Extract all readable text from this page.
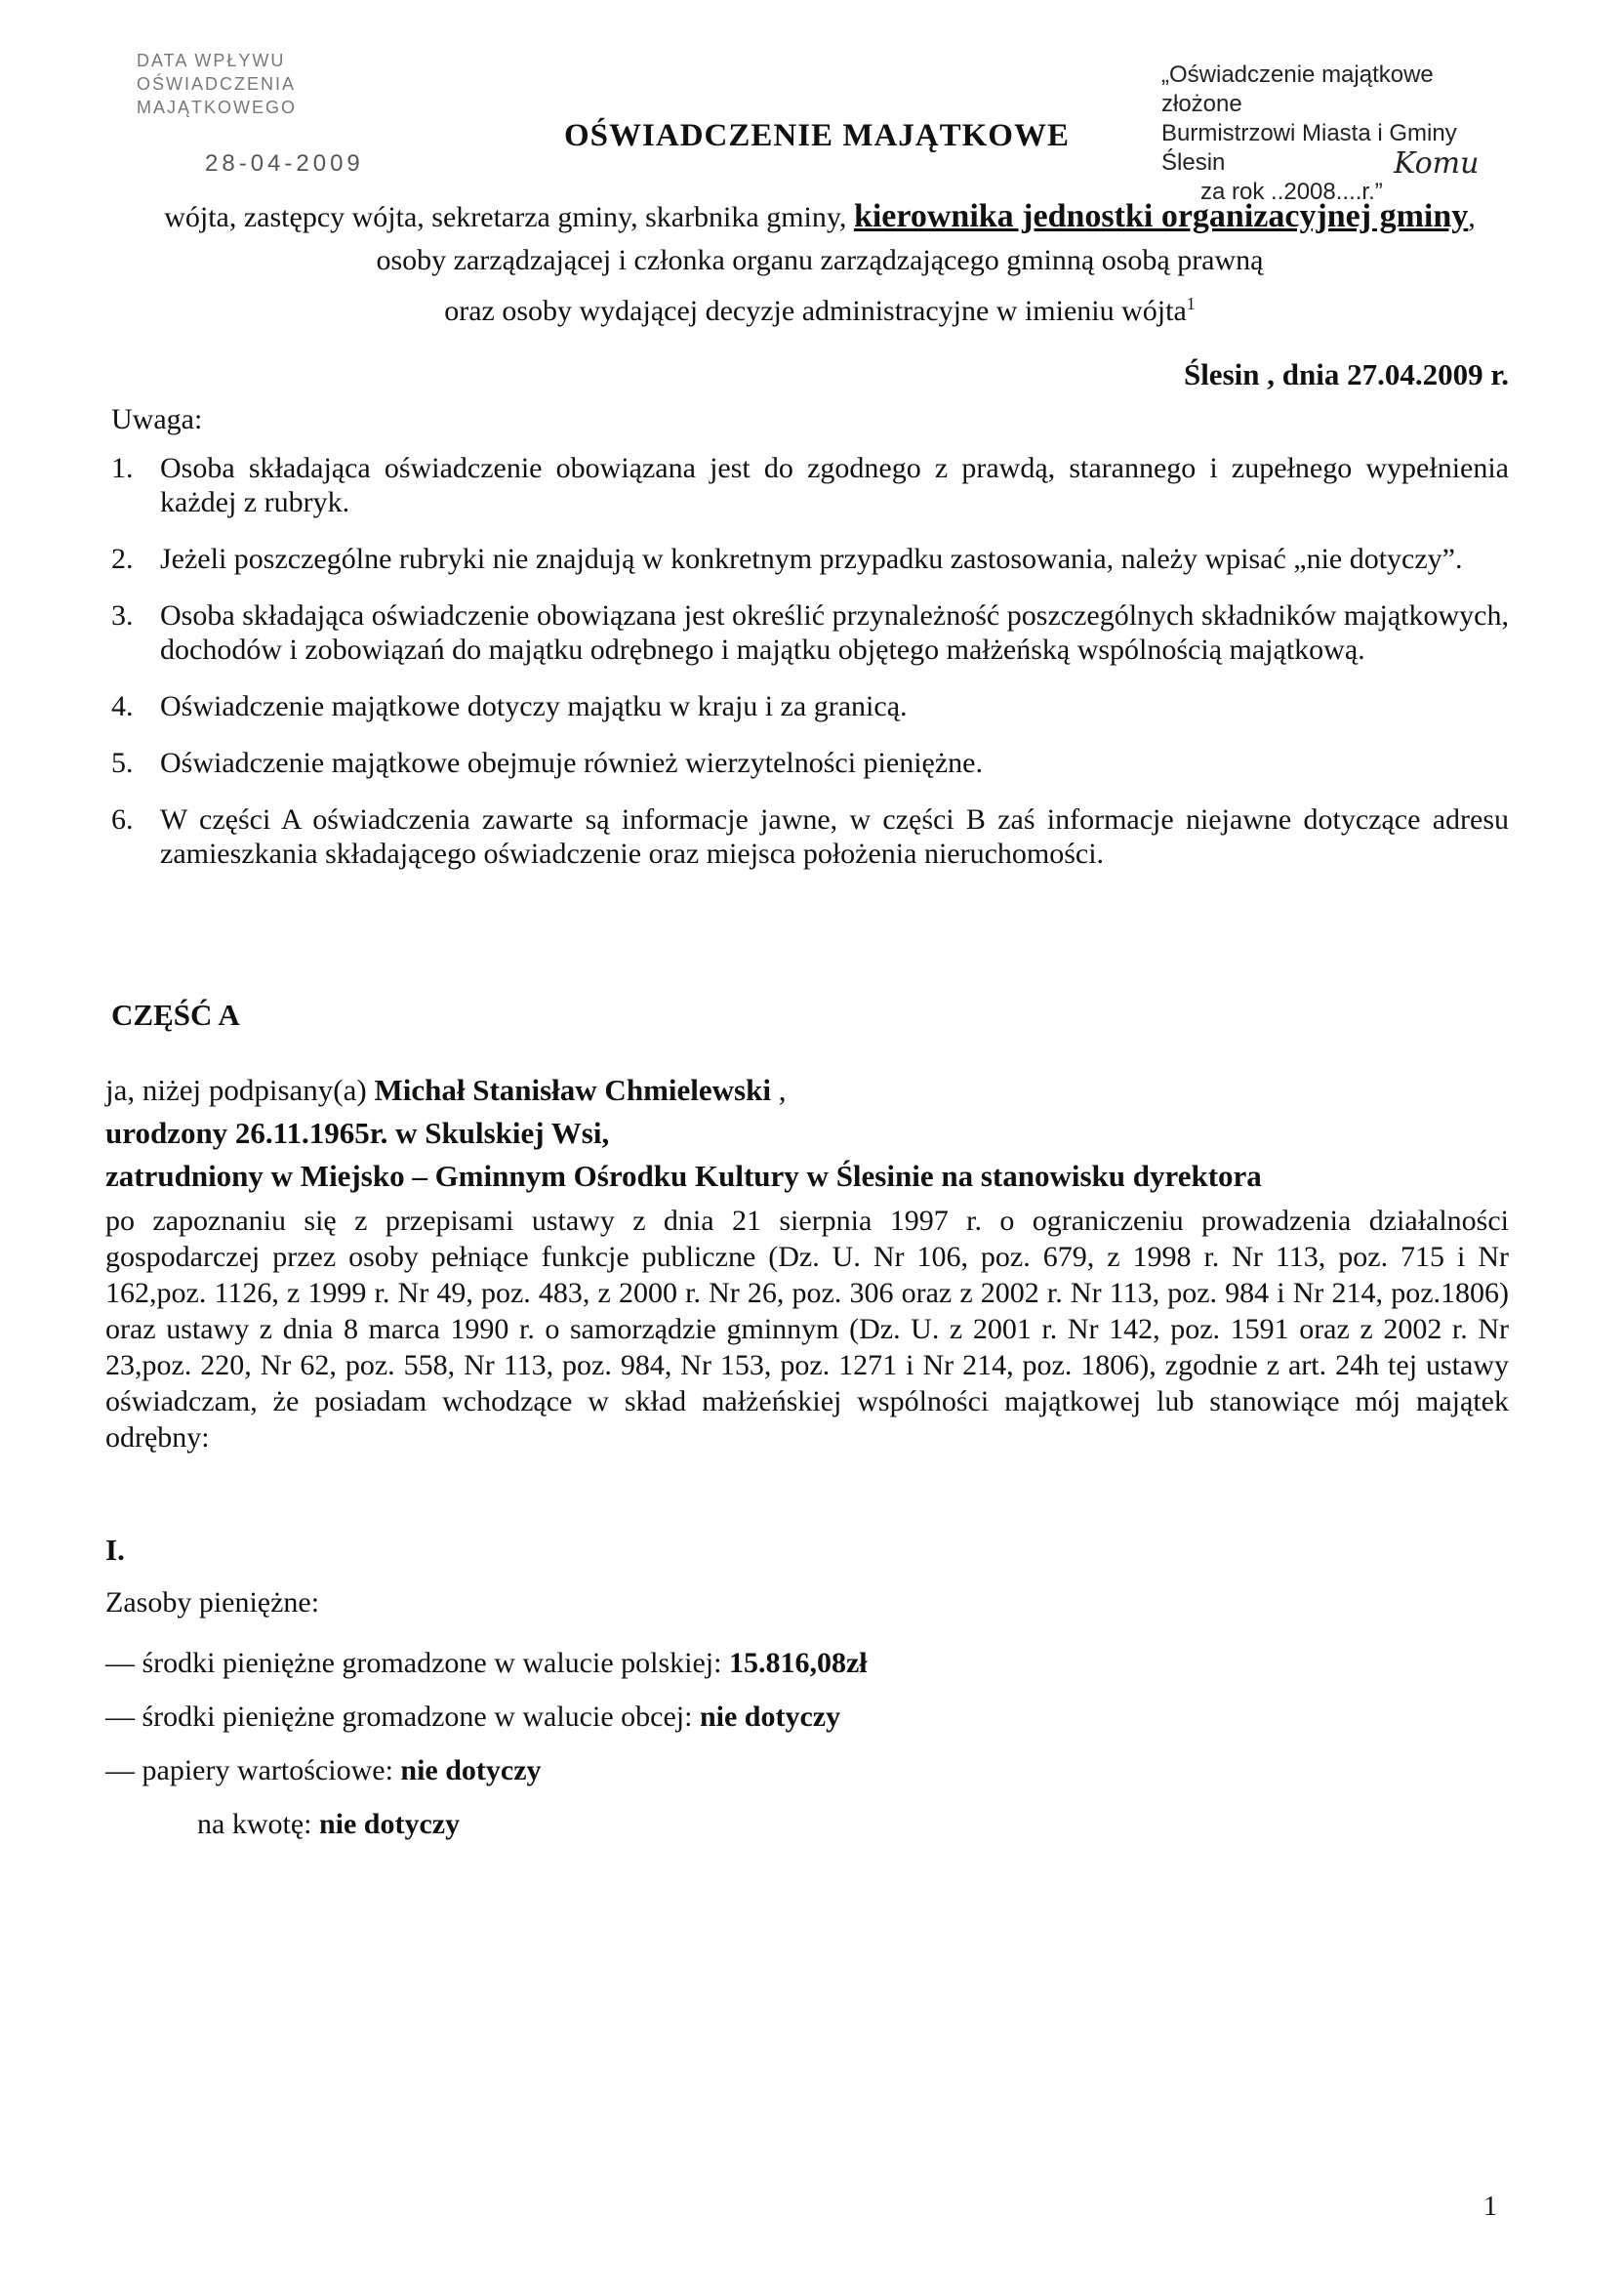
DATA WPŁYWU
OŚWIADCZENIA MAJĄTKOWEGO
28-04-2009
OŚWIADCZENIE MAJĄTKOWE
„Oświadczenie majątkowe złożone
Burmistrzowi Miasta i Gminy Ślesin
za rok ..2008....r.”
Komu
wójta, zastępcy wójta, sekretarza gminy, skarbnika gminy, kierownika jednostki organizacyjnej gminy, osoby zarządzającej i członka organu zarządzającego gminną osobą prawną
oraz osoby wydającej decyzje administracyjne w imieniu wójta$^1$
Ślesin , dnia 27.04.2009 r.
Uwaga:
1. Osoba składająca oświadczenie obowiązana jest do zgodnego z prawdą, starannego i zupełnego wypełnienia każdej z rubryk.
2. Jeżeli poszczególne rubryki nie znajdują w konkretnym przypadku zastosowania, należy wpisać „nie dotyczy”.
3. Osoba składająca oświadczenie obowiązana jest określić przynależność poszczególnych składników majątkowych, dochodów i zobowiązań do majątku odrębnego i majątku objętego małżeńską wspólnością majątkową.
4. Oświadczenie majątkowe dotyczy majątku w kraju i za granicą.
5. Oświadczenie majątkowe obejmuje również wierzytelności pieniężne.
6. W części A oświadczenia zawarte są informacje jawne, w części B zaś informacje niejawne dotyczące adresu zamieszkania składającego oświadczenie oraz miejsca położenia nieruchomości.
CZĘŚĆ A
ja, niżej podpisany(a) Michał Stanisław Chmielewski ,
urodzony 26.11.1965r. w Skulskiej Wsi,
zatrudniony w Miejsko – Gminnym Ośrodku Kultury w Ślesinie na stanowisku dyrektora
po zapoznaniu się z przepisami ustawy z dnia 21 sierpnia 1997 r. o ograniczeniu prowadzenia działalności gospodarczej przez osoby pełniące funkcje publiczne (Dz. U. Nr 106, poz. 679, z 1998 r. Nr 113, poz. 715 i Nr 162,poz. 1126, z 1999 r. Nr 49, poz. 483, z 2000 r. Nr 26, poz. 306 oraz z 2002 r. Nr 113, poz. 984 i Nr 214, poz.1806) oraz ustawy z dnia 8 marca 1990 r. o samorządzie gminnym (Dz. U. z 2001 r. Nr 142, poz. 1591 oraz z 2002 r. Nr 23,poz. 220, Nr 62, poz. 558, Nr 113, poz. 984, Nr 153, poz. 1271 i Nr 214, poz. 1806), zgodnie z art. 24h tej ustawy oświadczam, że posiadam wchodzące w skład małżeńskiej wspólności majątkowej lub stanowiące mój majątek odrębny:
I.
Zasoby pieniężne:
— środki pieniężne gromadzone w walucie polskiej: 15.816,08zł
— środki pieniężne gromadzone w walucie obcej: nie dotyczy
— papiery wartościowe: nie dotyczy
na kwotę: nie dotyczy
1
